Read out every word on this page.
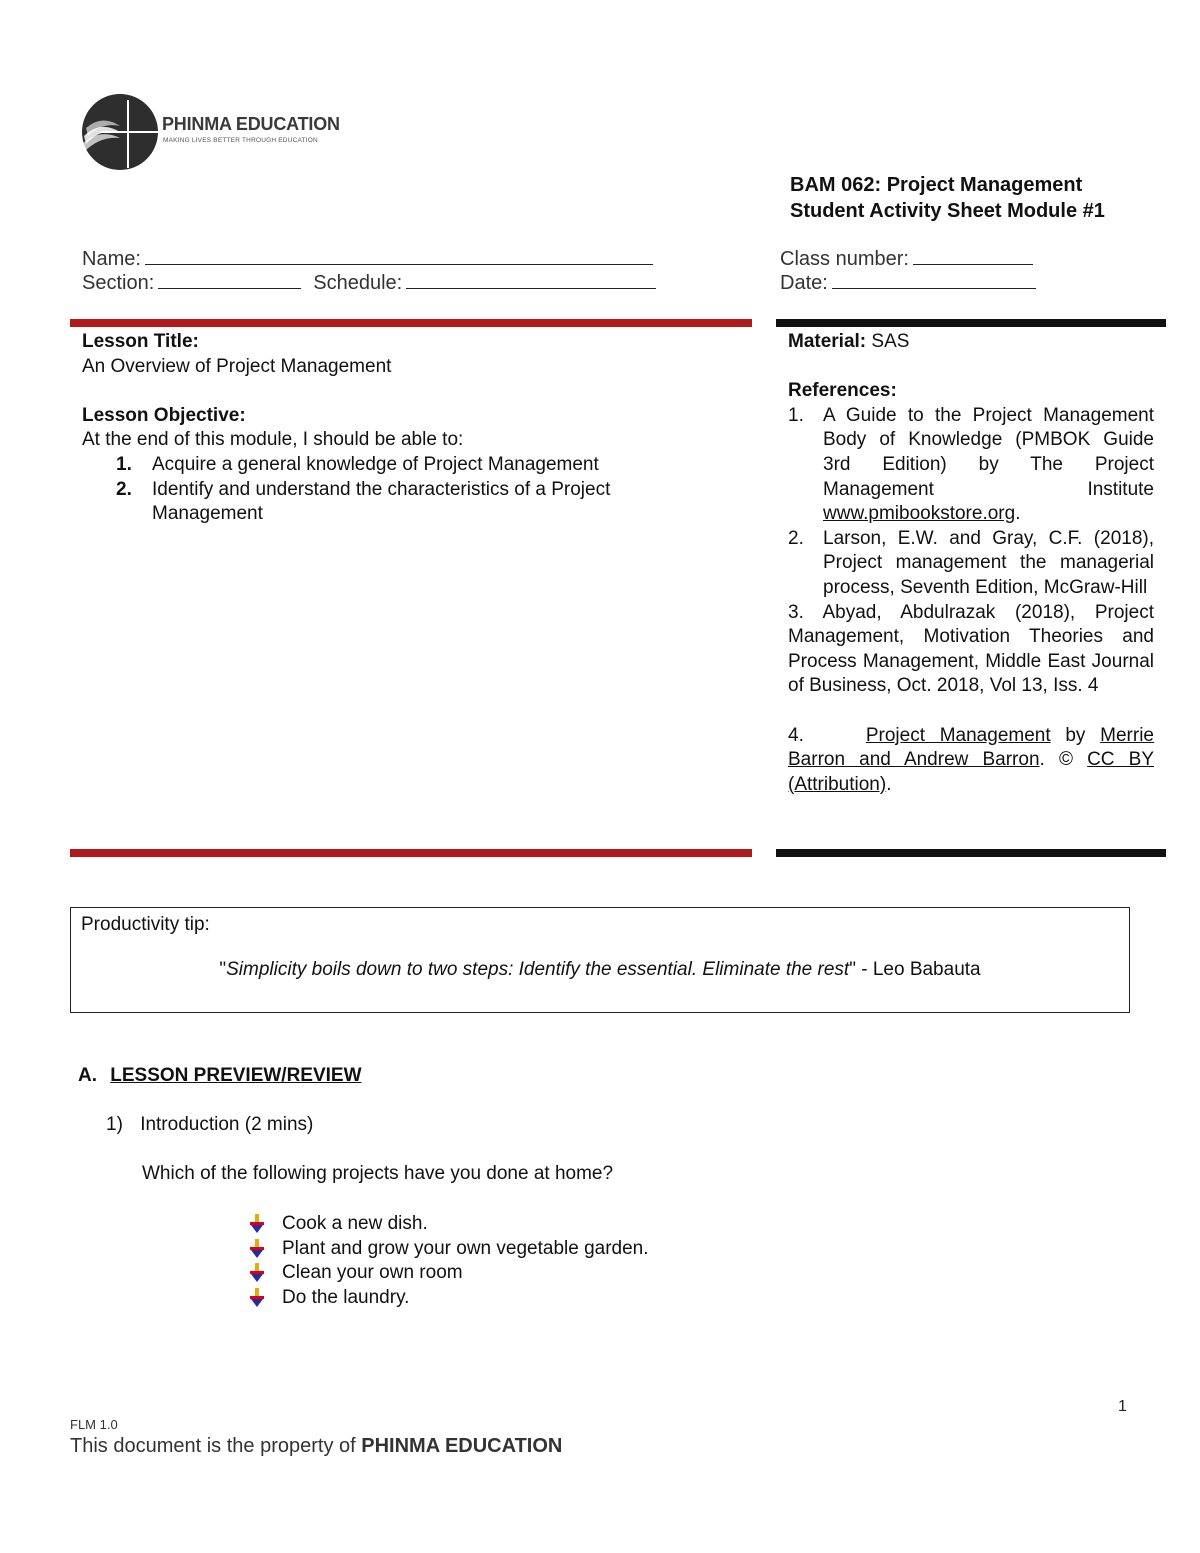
PHINMA EDUCATION
MAKING LIVES BETTER THROUGH EDUCATION
BAM 062: Project Management
Student Activity Sheet Module #1
Name:
Section:	Schedule:
Class number:
Date:
Lesson Title:
An Overview of Project Management
Lesson Objective:
At the end of this module, I should be able to:
1. Acquire a general knowledge of Project Management
2. Identify and understand the characteristics of a Project Management
Material: SAS
References:
1. A Guide to the Project Management Body of Knowledge (PMBOK Guide 3rd Edition) by The Project Management Institute www.pmibookstore.org.
2. Larson, E.W. and Gray, C.F. (2018), Project management the managerial process, Seventh Edition, McGraw-Hill
3. Abyad, Abdulrazak (2018), Project Management, Motivation Theories and Process Management, Middle East Journal of Business, Oct. 2018, Vol 13, Iss. 4
4.	Project Management by Merrie Barron and Andrew Barron. © CC BY (Attribution).
Productivity tip:
"Simplicity boils down to two steps: Identify the essential. Eliminate the rest" - Leo Babauta
A. LESSON PREVIEW/REVIEW
1) Introduction (2 mins)
Which of the following projects have you done at home?
Cook a new dish.
Plant and grow your own vegetable garden.
Clean your own room
Do the laundry.
1
FLM 1.0
This document is the property of PHINMA EDUCATION
